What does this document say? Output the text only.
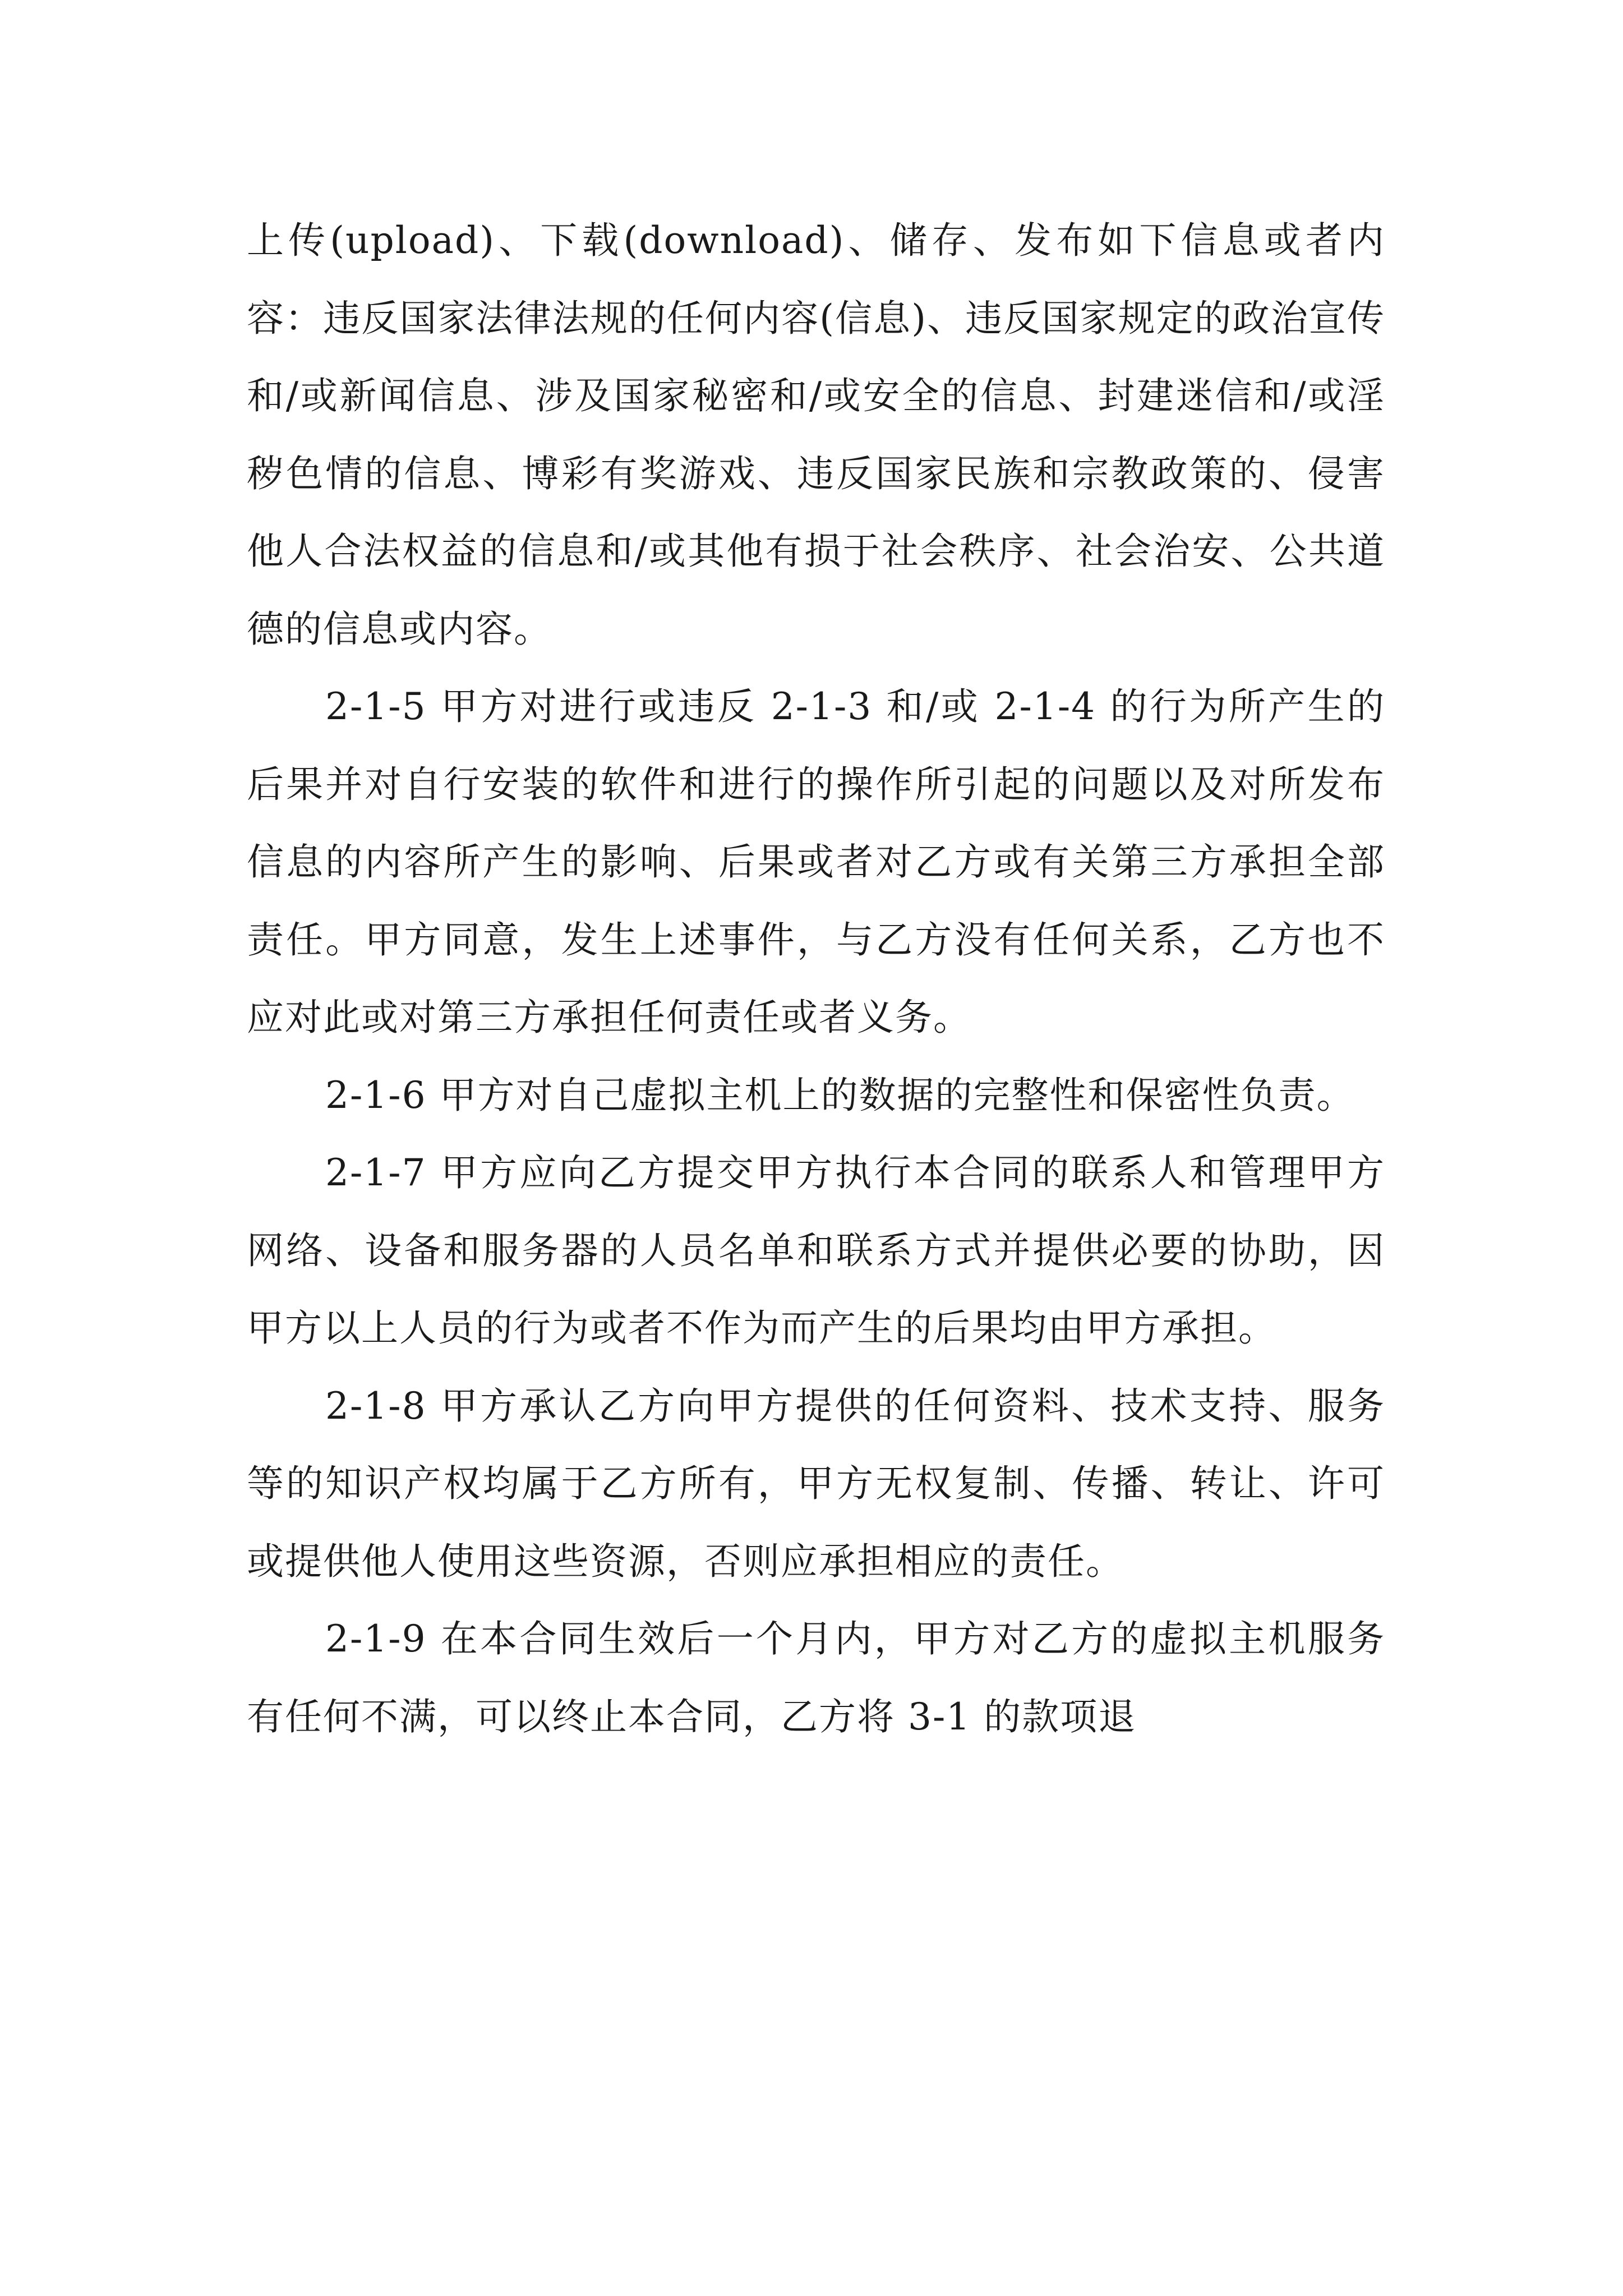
上传(upload)、下载(download)、储存、发布如下信息或者内容：违反国家法律法规的任何内容(信息)、违反国家规定的政治宣传和/或新闻信息、涉及国家秘密和/或安全的信息、封建迷信和/或淫秽色情的信息、博彩有奖游戏、违反国家民族和宗教政策的、侵害他人合法权益的信息和/或其他有损于社会秩序、社会治安、公共道德的信息或内容。

2-1-5 甲方对进行或违反 2-1-3 和/或 2-1-4 的行为所产生的后果并对自行安装的软件和进行的操作所引起的问题以及对所发布信息的内容所产生的影响、后果或者对乙方或有关第三方承担全部责任。甲方同意，发生上述事件，与乙方没有任何关系，乙方也不应对此或对第三方承担任何责任或者义务。

2-1-6 甲方对自己虚拟主机上的数据的完整性和保密性负责。

2-1-7 甲方应向乙方提交甲方执行本合同的联系人和管理甲方网络、设备和服务器的人员名单和联系方式并提供必要的协助，因甲方以上人员的行为或者不作为而产生的后果均由甲方承担。

2-1-8 甲方承认乙方向甲方提供的任何资料、技术支持、服务等的知识产权均属于乙方所有，甲方无权复制、传播、转让、许可或提供他人使用这些资源，否则应承担相应的责任。

2-1-9 在本合同生效后一个月内，甲方对乙方的虚拟主机服务有任何不满，可以终止本合同，乙方将 3-1 的款项退
